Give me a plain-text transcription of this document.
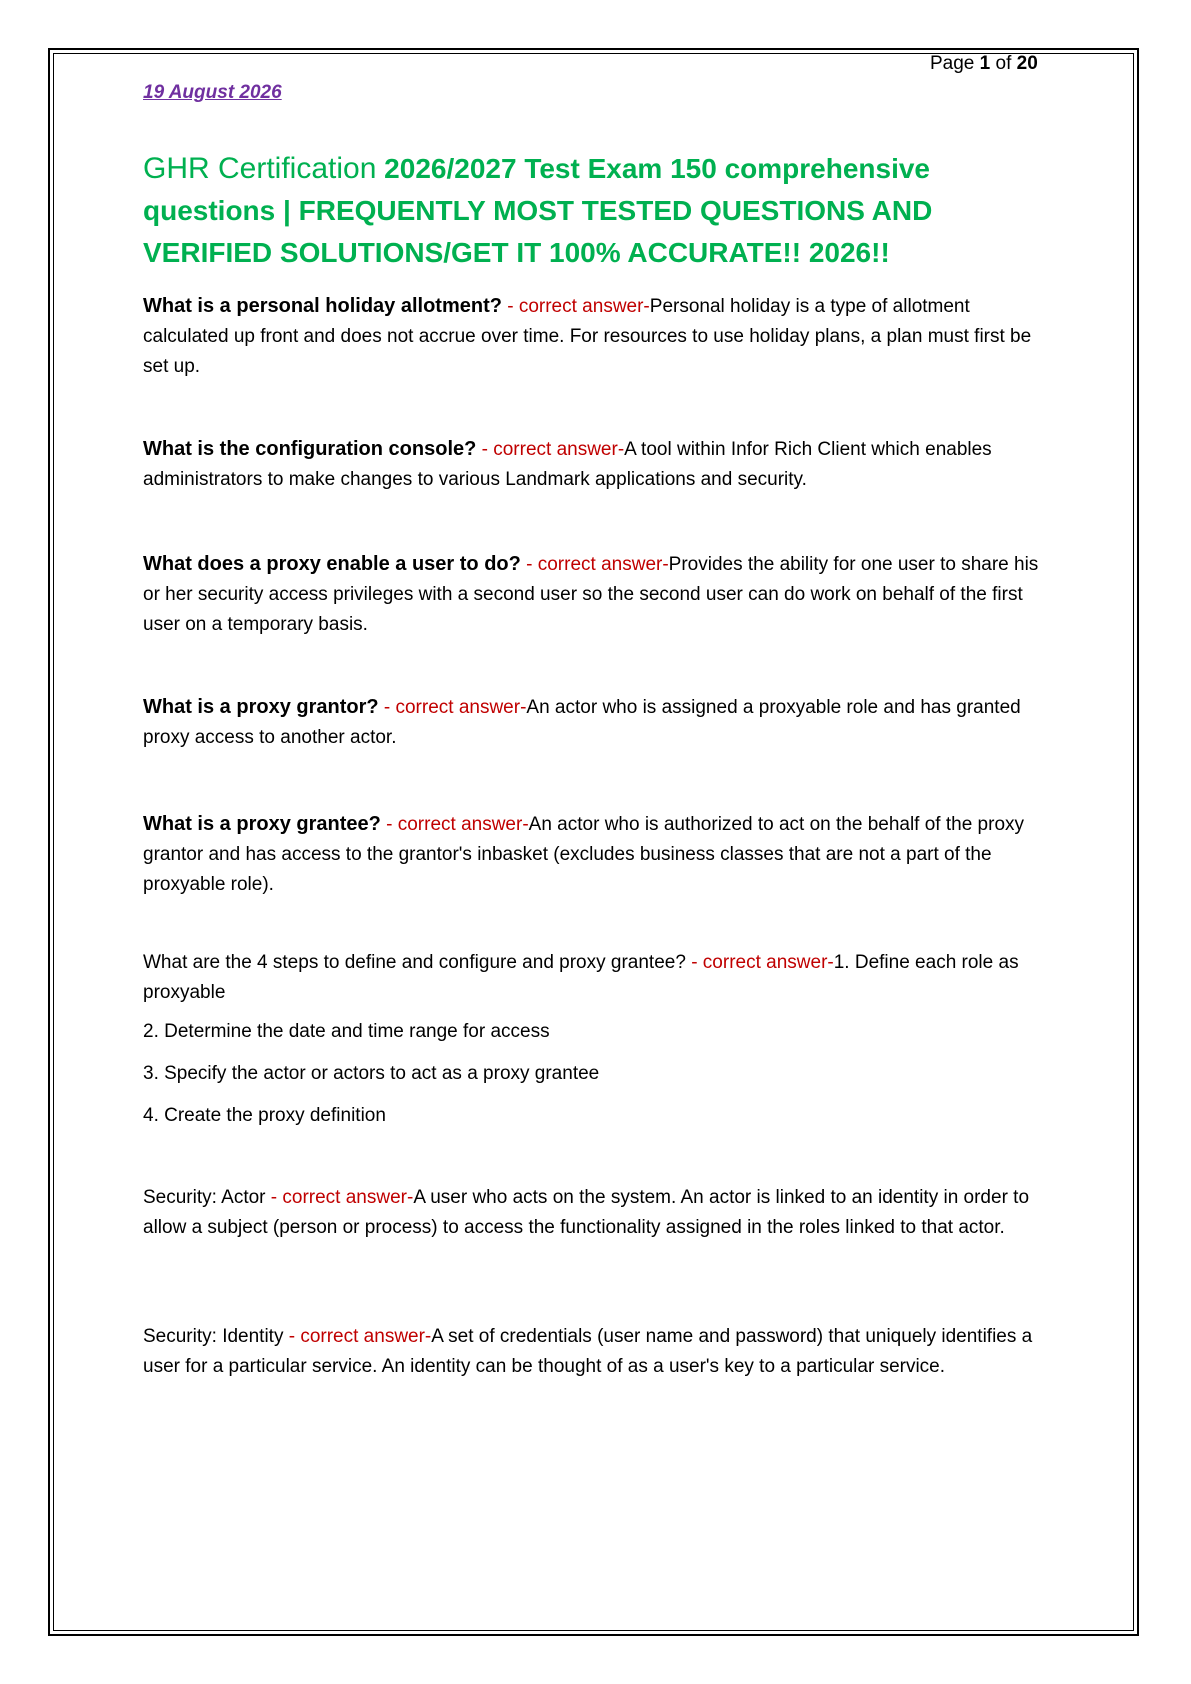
Page 1 of 20
19 August 2026
GHR Certification 2026/2027 Test Exam 150 comprehensive questions | FREQUENTLY MOST TESTED QUESTIONS AND VERIFIED SOLUTIONS/GET IT 100% ACCURATE!! 2026!!

What is a personal holiday allotment? - correct answer-Personal holiday is a type of allotment calculated up front and does not accrue over time. For resources to use holiday plans, a plan must first be set up.

What is the configuration console? - correct answer-A tool within Infor Rich Client which enables administrators to make changes to various Landmark applications and security.

What does a proxy enable a user to do? - correct answer-Provides the ability for one user to share his or her security access privileges with a second user so the second user can do work on behalf of the first user on a temporary basis.

What is a proxy grantor? - correct answer-An actor who is assigned a proxyable role and has granted proxy access to another actor.

What is a proxy grantee? - correct answer-An actor who is authorized to act on the behalf of the proxy grantor and has access to the grantor's inbasket (excludes business classes that are not a part of the proxyable role).

What are the 4 steps to define and configure and proxy grantee? - correct answer-1. Define each role as proxyable

2. Determine the date and time range for access

3. Specify the actor or actors to act as a proxy grantee

4. Create the proxy definition

Security: Actor - correct answer-A user who acts on the system. An actor is linked to an identity in order to allow a subject (person or process) to access the functionality assigned in the roles linked to that actor.

Security: Identity - correct answer-A set of credentials (user name and password) that uniquely identifies a user for a particular service. An identity can be thought of as a user's key to a particular service.
